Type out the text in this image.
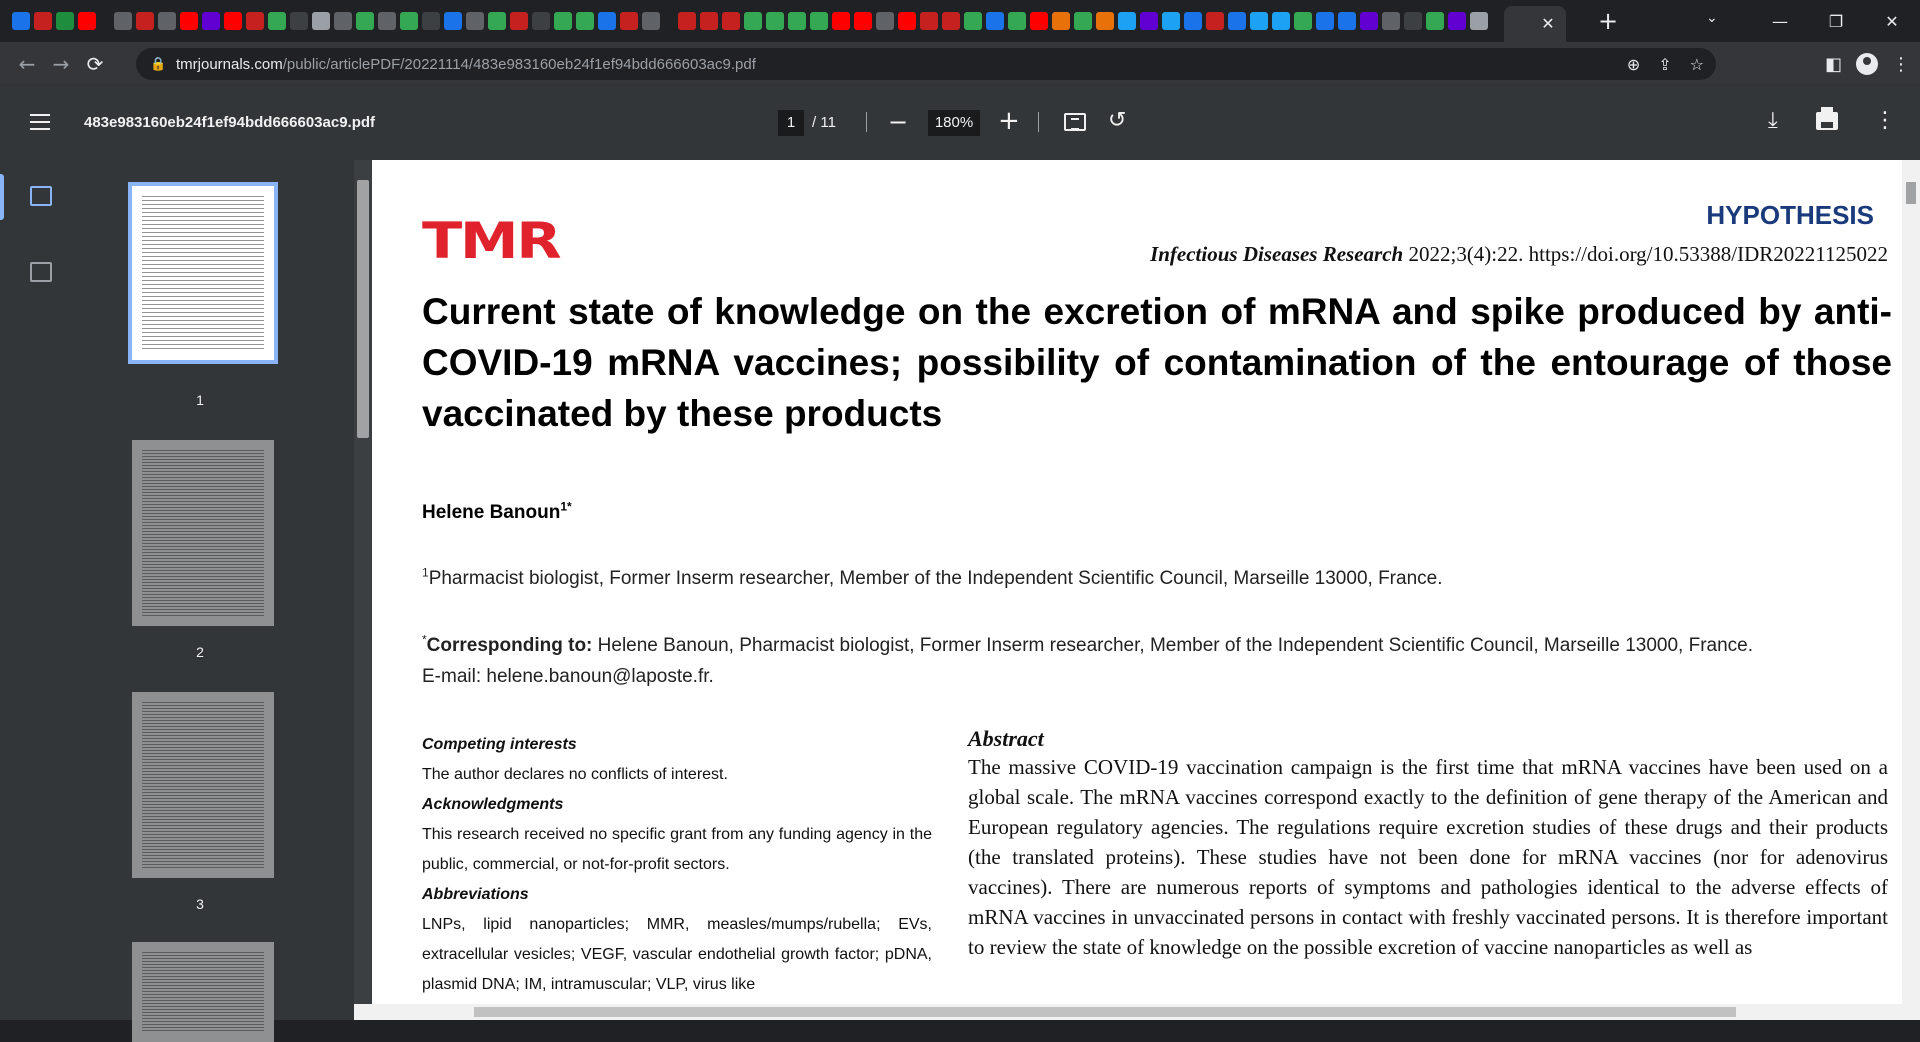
✕	+	⌄	—	❐	✕
← → ⟳	🔒 tmrjournals.com /public/articlePDF/20221114/483e983160eb24f1ef94bdd666603ac9.pdf	⊕ ⇪ ☆	◧	⋮
483e983160eb24f1ef94bdd666603ac9.pdf	1	/ 11 −	180% +	↺	⤓	⋮
1
2
3
TMR	HYPOTHESIS
Infectious Diseases Research 2022;3(4):22. https://doi.org/10.53388/IDR20221125022
Current state of knowledge on the excretion of mRNA and spike produced by anti-COVID-19 mRNA vaccines; possibility of contamination of the entourage of those vaccinated by these products
Helene Banoun$^{1*}$
$^1$Pharmacist biologist, Former Inserm researcher, Member of the Independent Scientific Council, Marseille 13000, France.
*Corresponding to: Helene Banoun, Pharmacist biologist, Former Inserm researcher, Member of the Independent Scientific Council, Marseille 13000, France.
E-mail: helene.banoun@laposte.fr.
Competing interests
The author declares no conflicts of interest.
Acknowledgments
This research received no specific grant from any funding agency in the public, commercial, or not-for-profit sectors.
Abbreviations
LNPs, lipid nanoparticles; MMR, measles/mumps/rubella; EVs, extracellular vesicles; VEGF, vascular endothelial growth factor; pDNA, plasmid DNA; IM, intramuscular; VLP, virus like
Abstract
The massive COVID-19 vaccination campaign is the first time that mRNA vaccines have been used on a global scale. The mRNA vaccines correspond exactly to the definition of gene therapy of the American and European regulatory agencies. The regulations require excretion studies of these drugs and their products (the translated proteins). These studies have not been done for mRNA vaccines (nor for adenovirus vaccines). There are numerous reports of symptoms and pathologies identical to the adverse effects of mRNA vaccines in unvaccinated persons in contact with freshly vaccinated persons. It is therefore important to review the state of knowledge on the possible excretion of vaccine nanoparticles as well as
